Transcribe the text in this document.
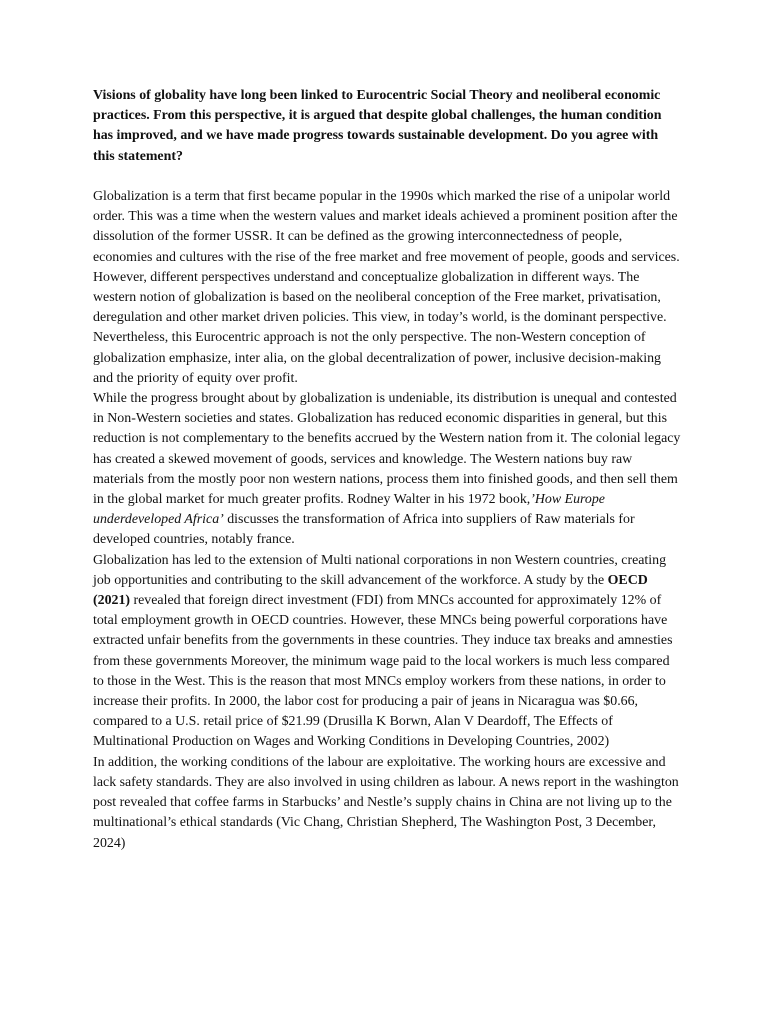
Visions of globality have long been linked to Eurocentric Social Theory and neoliberal economic practices. From this perspective, it is argued that despite global challenges, the human condition has improved, and we have made progress towards sustainable development. Do you agree with this statement?

Globalization is a term that first became popular in the 1990s which marked the rise of a unipolar world order. This was a time when the western values and market ideals achieved a prominent position after the dissolution of the former USSR. It can be defined as the growing interconnectedness of people, economies and cultures with the rise of the free market and free movement of people, goods and services. However, different perspectives understand and conceptualize globalization in different ways. The western notion of globalization is based on the neoliberal conception of the Free market, privatisation, deregulation and other market driven policies. This view, in today’s world, is the dominant perspective. Nevertheless, this Eurocentric approach is not the only perspective. The non-Western conception of globalization emphasize, inter alia, on the global decentralization of power, inclusive decision-making and the priority of equity over profit.

While the progress brought about by globalization is undeniable, its distribution is unequal and contested in Non-Western societies and states. Globalization has reduced economic disparities in general, but this reduction is not complementary to the benefits accrued by the Western nation from it. The colonial legacy has created a skewed movement of goods, services and knowledge. The Western nations buy raw materials from the mostly poor non western nations, process them into finished goods, and then sell them in the global market for much greater profits. Rodney Walter in his 1972 book,’How Europe underdeveloped Africa’ discusses the transformation of Africa into suppliers of Raw materials for developed countries, notably france.

Globalization has led to the extension of Multi national corporations in non Western countries, creating job opportunities and contributing to the skill advancement of the workforce. A study by the OECD (2021) revealed that foreign direct investment (FDI) from MNCs accounted for approximately 12% of total employment growth in OECD countries. However, these MNCs being powerful corporations have extracted unfair benefits from the governments in these countries. They induce tax breaks and amnesties from these governments Moreover, the minimum wage paid to the local workers is much less compared to those in the West. This is the reason that most MNCs employ workers from these nations, in order to increase their profits. In 2000, the labor cost for producing a pair of jeans in Nicaragua was $0.66, compared to a U.S. retail price of $21.99 (Drusilla K Borwn, Alan V Deardoff, The Effects of Multinational Production on Wages and Working Conditions in Developing Countries, 2002)

In addition, the working conditions of the labour are exploitative. The working hours are excessive and lack safety standards. They are also involved in using children as labour. A news report in the washington post revealed that coffee farms in Starbucks’ and Nestle’s supply chains in China are not living up to the multinational’s ethical standards (Vic Chang, Christian Shepherd, The Washington Post, 3 December, 2024)
